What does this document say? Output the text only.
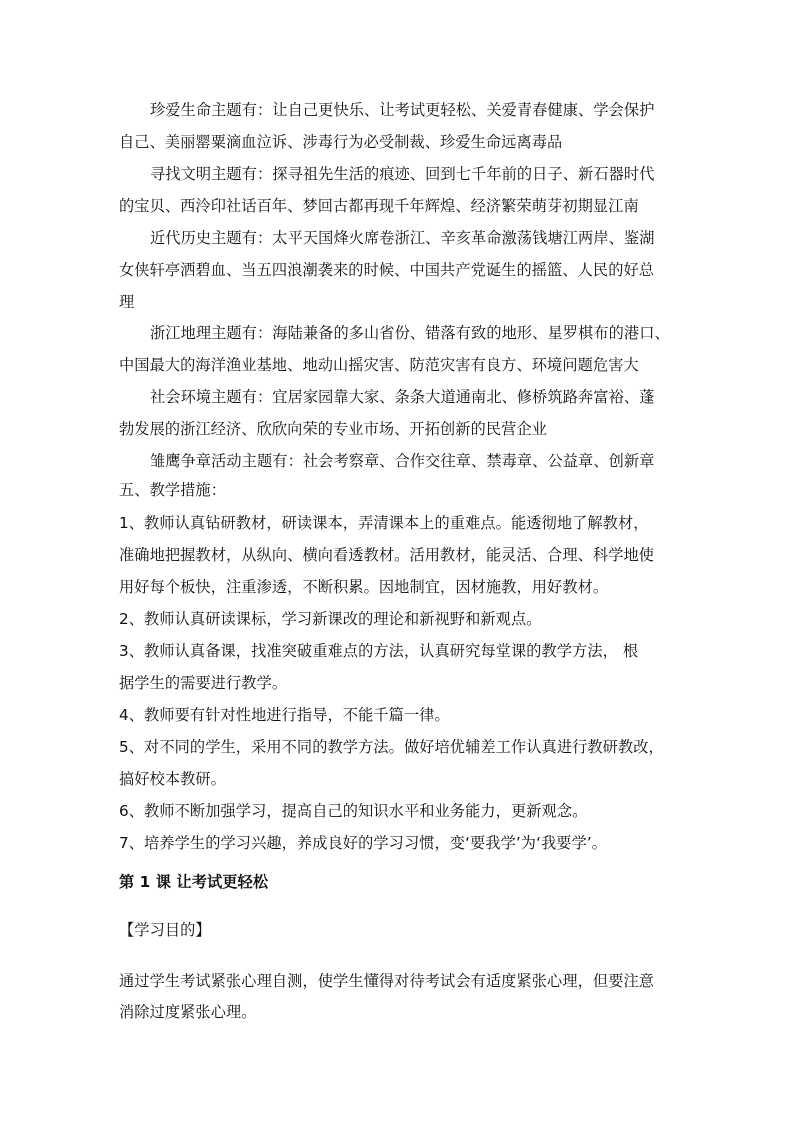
珍爱生命主题有：让自己更快乐、让考试更轻松、关爱青春健康、学会保护
自己、美丽罂粟滴血泣诉、涉毒行为必受制裁、珍爱生命远离毒品
寻找文明主题有：探寻祖先生活的痕迹、回到七千年前的日子、新石器时代
的宝贝、西泠印社话百年、梦回古都再现千年辉煌、经济繁荣萌芽初期显江南
近代历史主题有：太平天国烽火席卷浙江、辛亥革命激荡钱塘江两岸、鉴湖
女侠轩亭洒碧血、当五四浪潮袭来的时候、中国共产党诞生的摇篮、人民的好总
理
浙江地理主题有：海陆兼备的多山省份、错落有致的地形、星罗棋布的港口、
中国最大的海洋渔业基地、地动山摇灾害、防范灾害有良方、环境问题危害大
社会环境主题有：宜居家园靠大家、条条大道通南北、修桥筑路奔富裕、蓬
勃发展的浙江经济、欣欣向荣的专业市场、开拓创新的民营企业
雏鹰争章活动主题有：社会考察章、合作交往章、禁毒章、公益章、创新章
五、教学措施：
1、教师认真钻研教材，研读课本，弄清课本上的重难点。能透彻地了解教材，
准确地把握教材，从纵向、横向看透教材。活用教材，能灵活、合理、科学地使
用好每个板快，注重渗透，不断积累。因地制宜，因材施教，用好教材。
2、教师认真研读课标，学习新课改的理论和新视野和新观点。
3、教师认真备课，找准突破重难点的方法，认真研究每堂课的教学方法， 根
据学生的需要进行教学。
4、教师要有针对性地进行指导，不能千篇一律。
5、对不同的学生，采用不同的教学方法。做好培优辅差工作认真进行教研教改，
搞好校本教研。
6、教师不断加强学习，提高自己的知识水平和业务能力，更新观念。
7、培养学生的学习兴趣，养成良好的学习习惯，变‘要我学’为‘我要学’。
第 1 课 让考试更轻松
【学习目的】
通过学生考试紧张心理自测，使学生懂得对待考试会有适度紧张心理，但要注意
消除过度紧张心理。
